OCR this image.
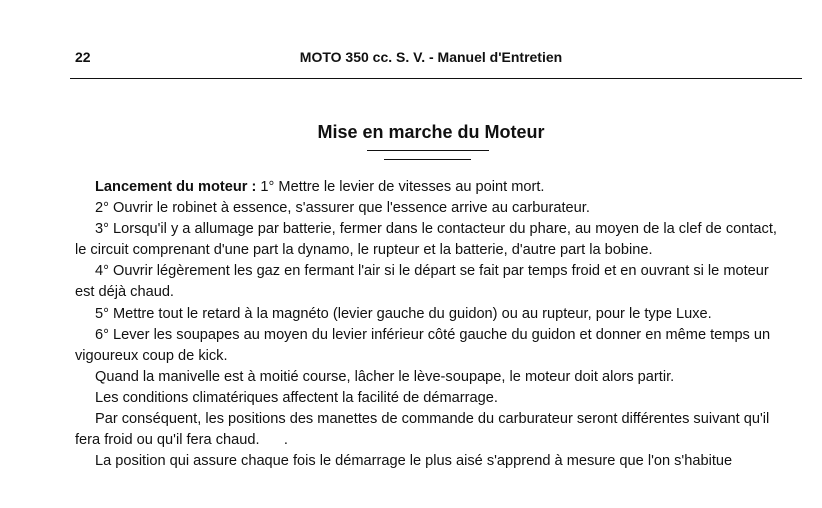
22	MOTO 350 cc. S. V. - Manuel d'Entretien
Mise en marche du Moteur

Lancement du moteur : 1° Mettre le levier de vitesses au point mort.

2° Ouvrir le robinet à essence, s'assurer que l'essence arrive au carburateur.

3° Lorsqu'il y a allumage par batterie, fermer dans le contacteur du phare, au moyen de la clef de contact, le circuit comprenant d'une part la dynamo, le rupteur et la batterie, d'autre part la bobine.

4° Ouvrir légèrement les gaz en fermant l'air si le départ se fait par temps froid et en ouvrant si le moteur est déjà chaud.

5° Mettre tout le retard à la magnéto (levier gauche du guidon) ou au rupteur, pour le type Luxe.

6° Lever les soupapes au moyen du levier inférieur côté gauche du guidon et donner en même temps un vigoureux coup de kick.

Quand la manivelle est à moitié course, lâcher le lève-soupape, le moteur doit alors partir.

Les conditions climatériques affectent la facilité de démarrage.

Par conséquent, les positions des manettes de commande du carburateur seront différentes suivant qu'il fera froid ou qu'il fera chaud.      .

La position qui assure chaque fois le démarrage le plus aisé s'apprend à mesure que l'on s'habitue
